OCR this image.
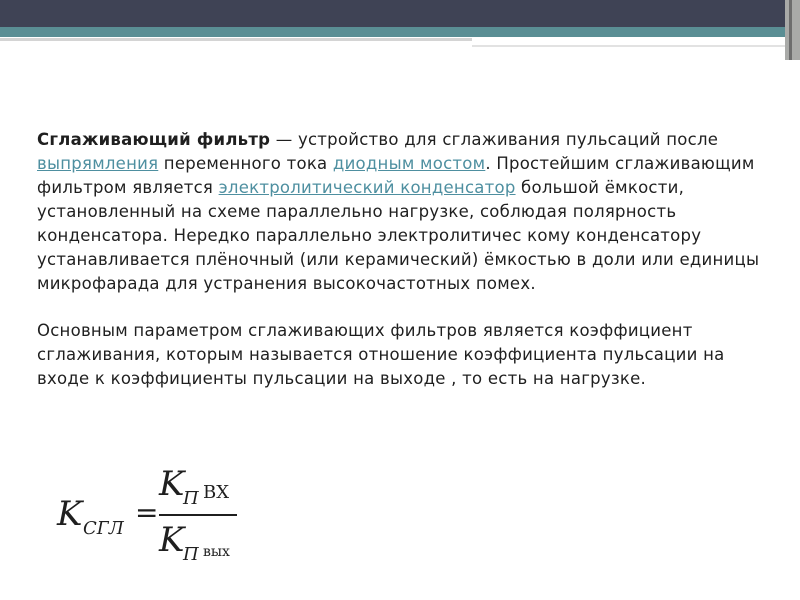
Сглаживающий фильтр — устройство для сглаживания пульсаций после выпрямления переменного тока диодным мостом. Простейшим сглаживающим фильтром является электролитический конденсатор большой ёмкости, установленный на схеме параллельно нагрузке, соблюдая полярность конденсатора. Нередко параллельно электролитичес кому конденсатору устанавливается плёночный (или керамический) ёмкостью в доли или единицы микрофарада для устранения высокочастотных помех.

Основным параметром сглаживающих фильтров является коэффициент сглаживания, которым называется отношение коэффициента пульсации на входе к коэффициенты пульсации на выходе , то есть на нагрузке.

K СГЛ =
K
П ВХ
K
П вых
